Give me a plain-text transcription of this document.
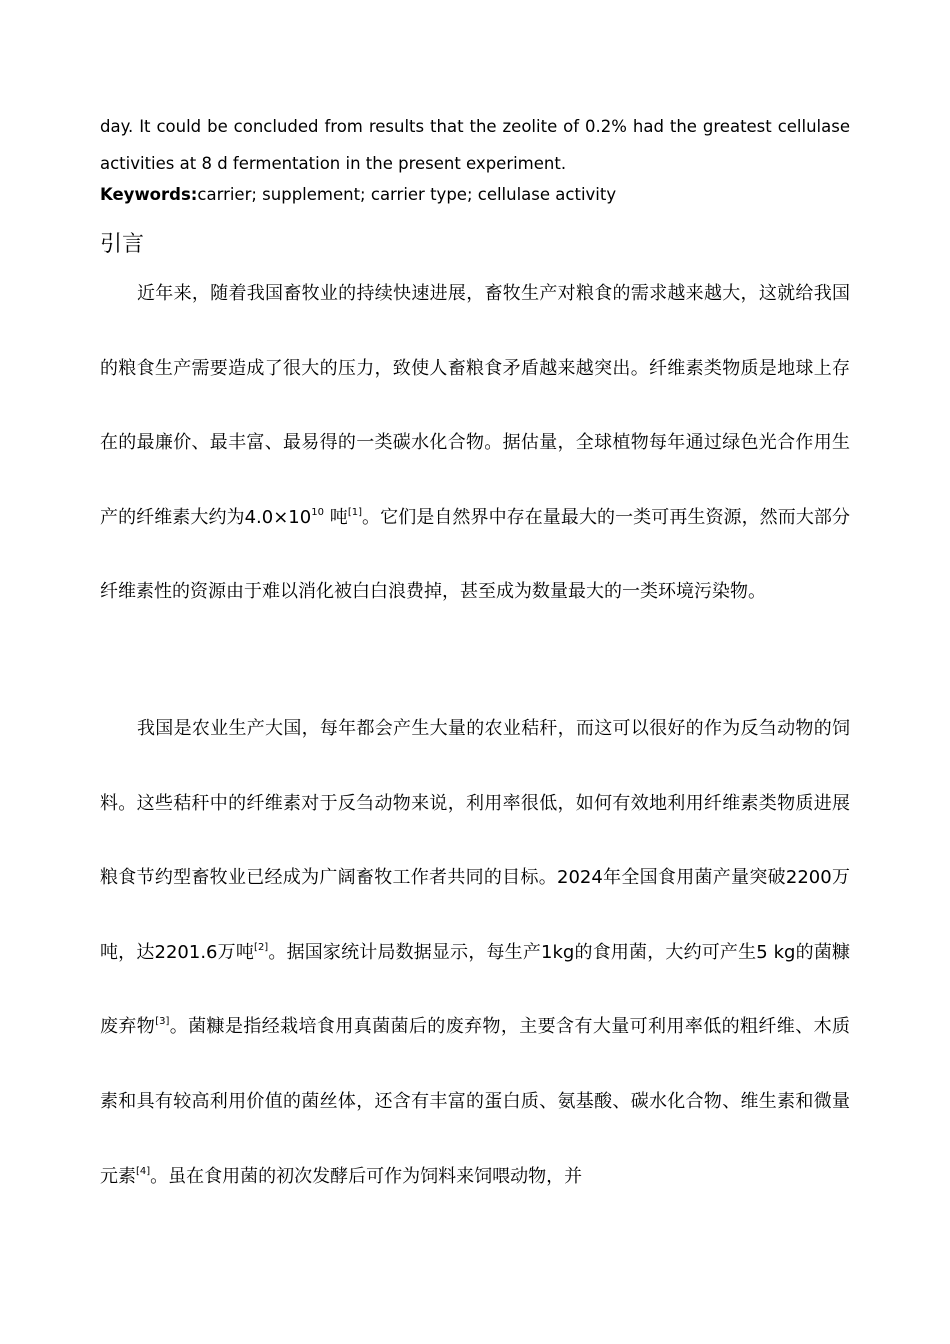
day. It could be concluded from results that the zeolite of 0.2% had the greatest cellulase activities at 8 d fermentation in the present experiment.

Keywords:carrier; supplement; carrier type; cellulase activity
引言

近年来，随着我国畜牧业的持续快速进展，畜牧生产对粮食的需求越来越大，这就给我国的粮食生产需要造成了很大的压力，致使人畜粮食矛盾越来越突出。纤维素类物质是地球上存在的最廉价、最丰富、最易得的一类碳水化合物。据估量，全球植物每年通过绿色光合作用生产的纤维素大约为$4.0\times 10^{10}$ 吨[1]。它们是自然界中存在量最大的一类可再生资源，然而大部分纤维素性的资源由于难以消化被白白浪费掉，甚至成为数量最大的一类环境污染物。

我国是农业生产大国，每年都会产生大量的农业秸秆，而这可以很好的作为反刍动物的饲料。这些秸秆中的纤维素对于反刍动物来说，利用率很低，如何有效地利用纤维素类物质进展粮食节约型畜牧业已经成为广阔畜牧工作者共同的目标。2024年全国食用菌产量突破2200万吨，达2201.6万吨[2]。据国家统计局数据显示，每生产1kg的食用菌，大约可产生5 kg的菌糠废弃物[3]。菌糠是指经栽培食用真菌菌后的废弃物，主要含有大量可利用率低的粗纤维、木质素和具有较高利用价值的菌丝体，还含有丰富的蛋白质、氨基酸、碳水化合物、维生素和微量元素[4]。虽在食用菌的初次发酵后可作为饲料来饲喂动物，并
